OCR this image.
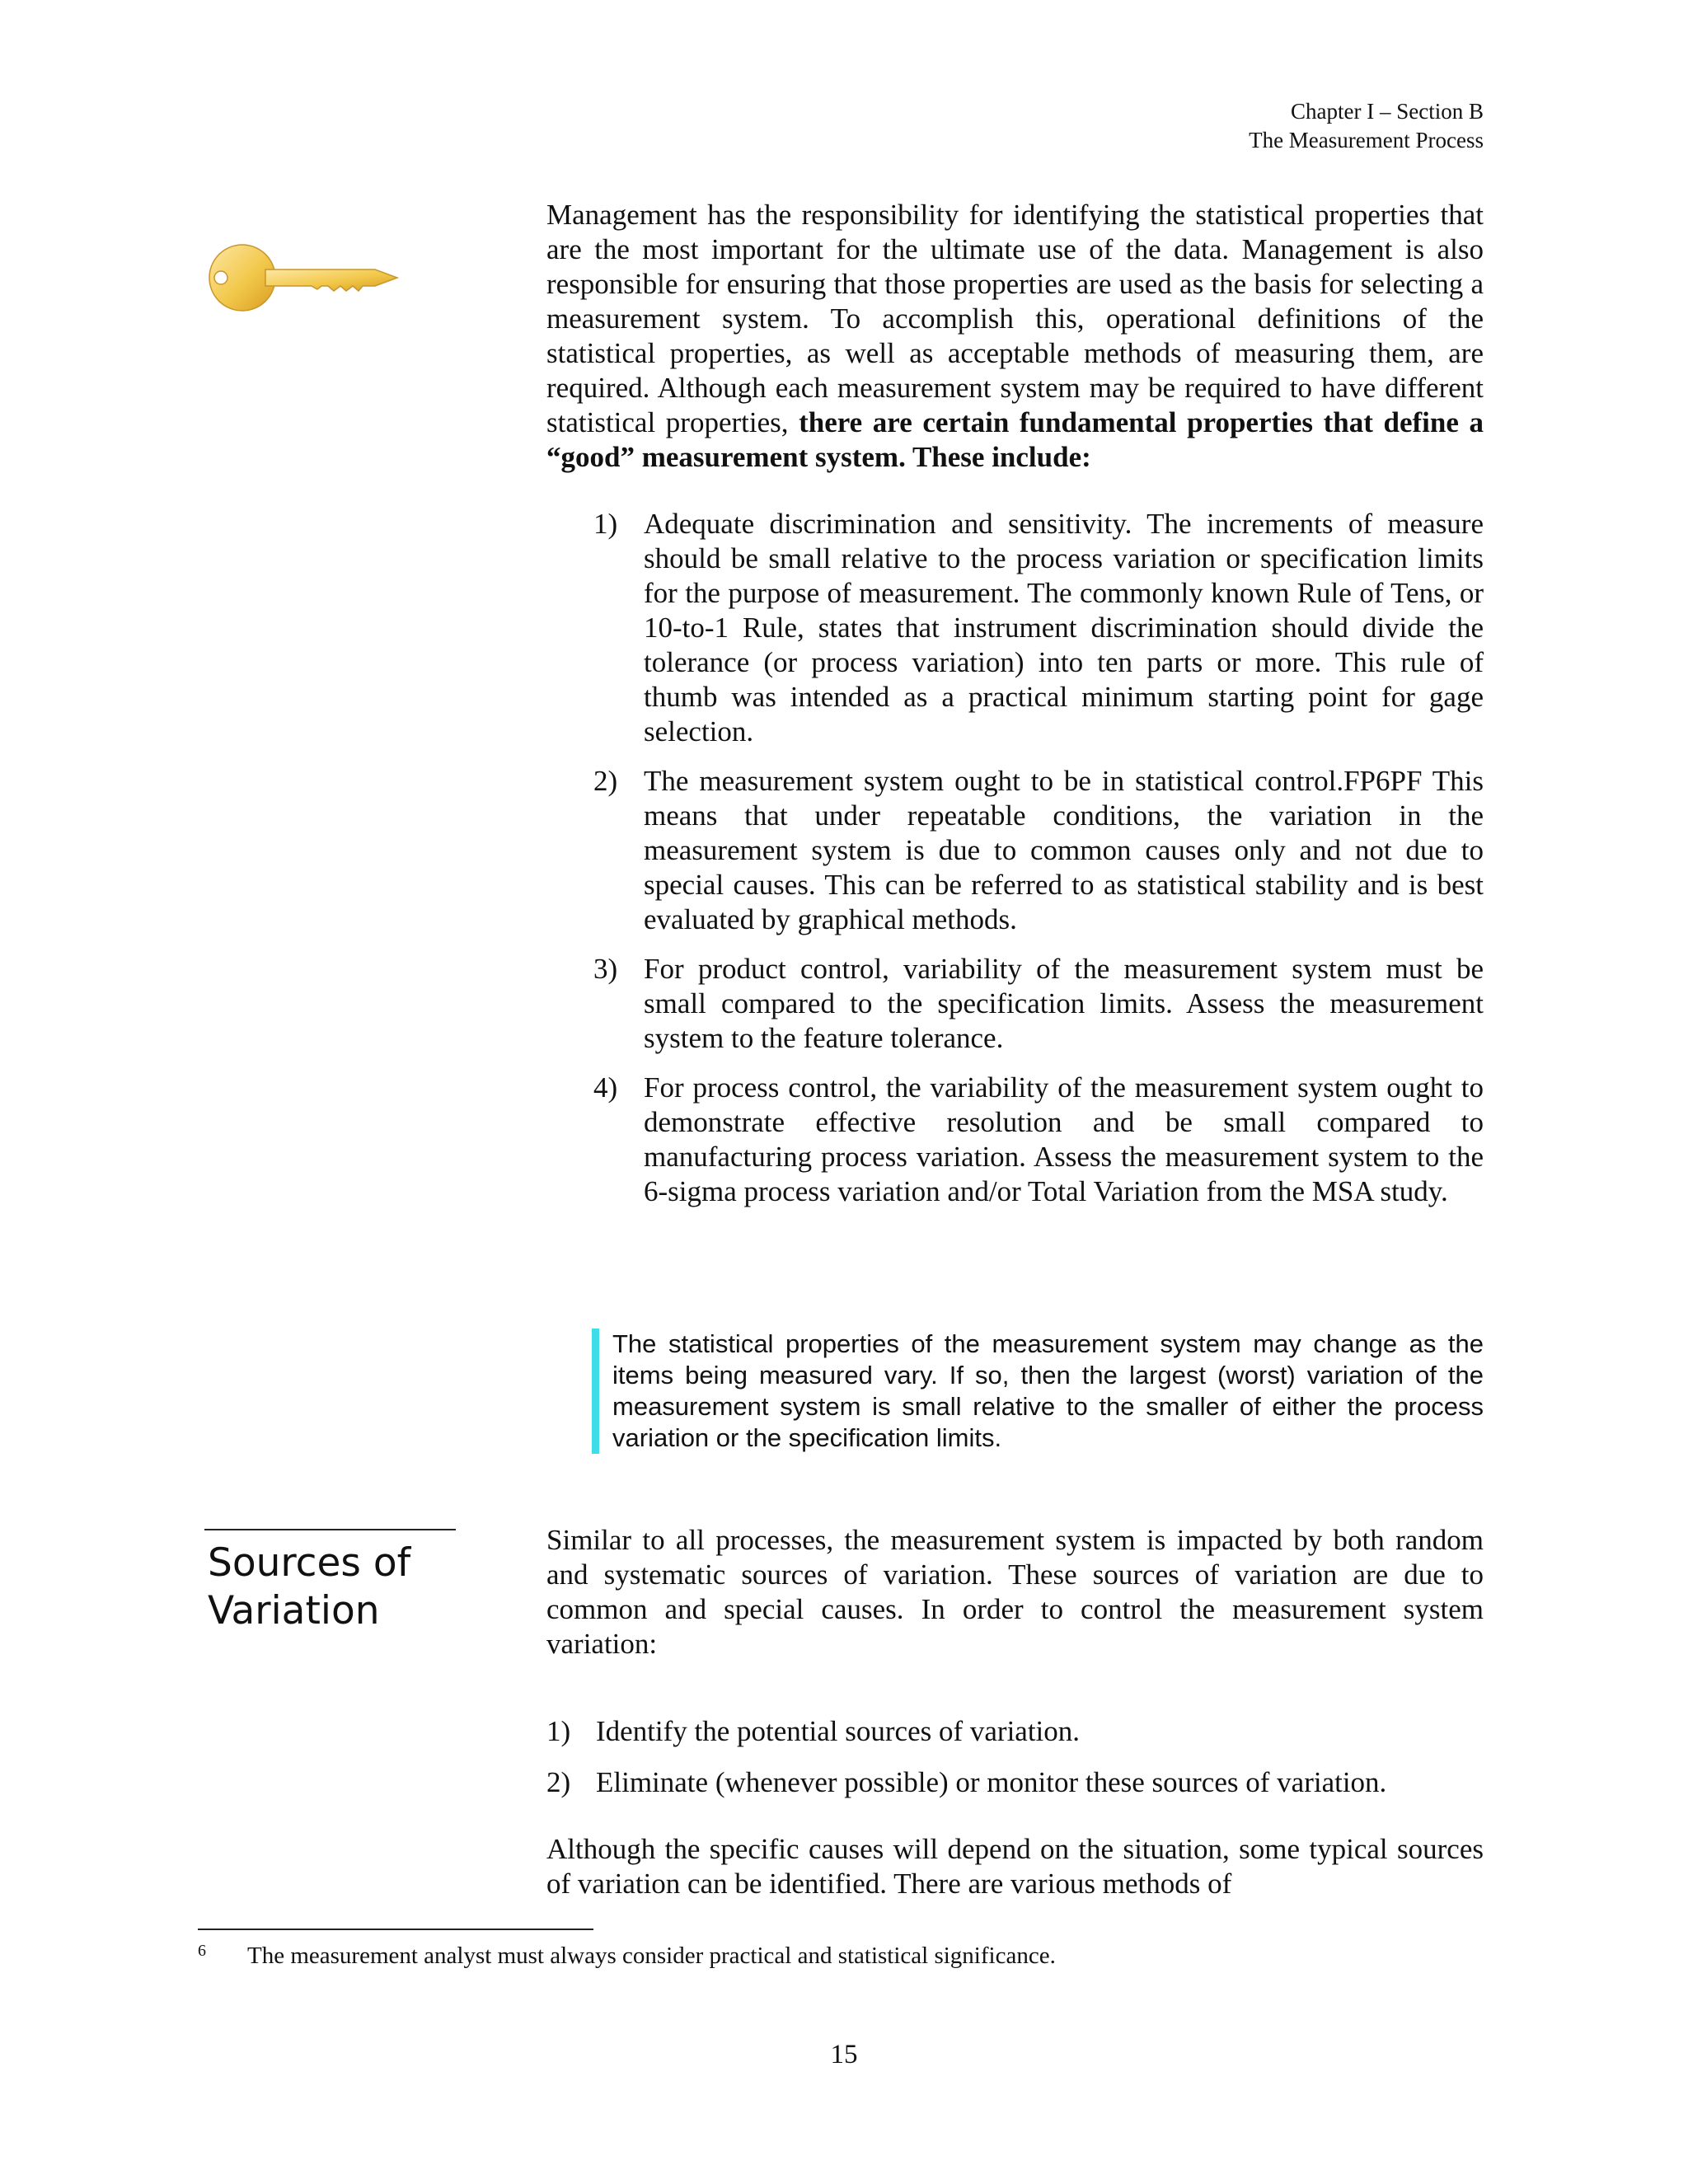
Chapter I – Section B
The Measurement Process

Management has the responsibility for identifying the statistical properties that are the most important for the ultimate use of the data. Management is also responsible for ensuring that those properties are used as the basis for selecting a measurement system. To accomplish this, operational definitions of the statistical properties, as well as acceptable methods of measuring them, are required. Although each measurement system may be required to have different statistical properties, there are certain fundamental properties that define a “good” measurement system. These include:

1) Adequate discrimination and sensitivity. The increments of measure should be small relative to the process variation or specification limits for the purpose of measurement. The commonly known Rule of Tens, or 10-to-1 Rule, states that instrument discrimination should divide the tolerance (or process variation) into ten parts or more. This rule of thumb was intended as a practical minimum starting point for gage selection.
2) The measurement system ought to be in statistical control.FP6PF This means that under repeatable conditions, the variation in the measurement system is due to common causes only and not due to special causes. This can be referred to as statistical stability and is best evaluated by graphical methods.
3) For product control, variability of the measurement system must be small compared to the specification limits. Assess the measurement system to the feature tolerance.
4) For process control, the variability of the measurement system ought to demonstrate effective resolution and be small compared to manufacturing process variation. Assess the measurement system to the 6-sigma process variation and/or Total Variation from the MSA study.
The statistical properties of the measurement system may change as the items being measured vary. If so, then the largest (worst) variation of the measurement system is small relative to the smaller of either the process variation or the specification limits.
Sources of
Variation

Similar to all processes, the measurement system is impacted by both random and systematic sources of variation. These sources of variation are due to common and special causes. In order to control the measurement system variation:

1) Identify the potential sources of variation.
2) Eliminate (whenever possible) or monitor these sources of variation.

Although the specific causes will depend on the situation, some typical sources of variation can be identified. There are various methods of

6 The measurement analyst must always consider practical and statistical significance.
15
